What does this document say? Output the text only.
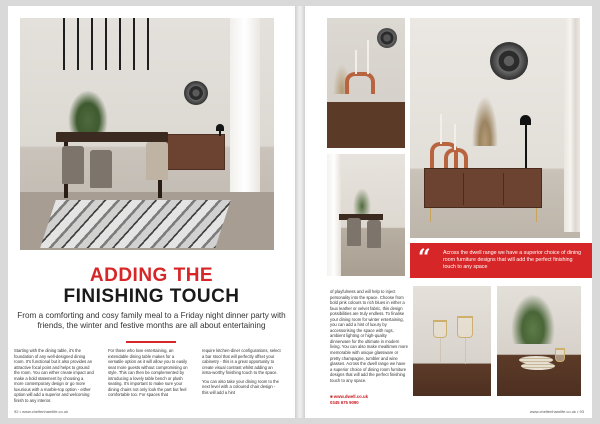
ADDING THE
FINISHING TOUCH
From a comforting and cosy family meal to a Friday night dinner party with friends, the winter and festive months are all about entertaining

Starting with the dining table, it's the foundation of any well-designed dining room. It's functional but it also provides an attractive focal point and helps to ground the room. You can either create impact and make a bold statement by choosing a more contemporary design or go more luxurious with a marble-top option - either option will add a superior and welcoming finish to any interior.

For those who love entertaining, an extendable dining table makes for a versatile option as it will allow you to easily seat more guests without compromising on style. This can then be complemented by introducing a lovely table bench or plush seating. It's important to make sure your dining chairs not only look the part but feel comfortable too. For spaces that

require kitchen-diner configurations, select a bar stool that will perfectly offset your cabinetry - this is a great opportunity to create visual contrast whilst adding an insta-worthy finishing touch to the space.

You can also take your dining room to the next level with a coloured chair design - this will add a hint

92 • www.cheltenhamlife.co.uk
“ Across the dwell range we have a superior choice of dining room furniture designs that will add the perfect finishing touch to any space
of playfulness and will help to inject personality into the space. Choose from bold pink colours to rich blues in either a faux leather or velvet fabric, this design possibilities are truly endless. To finalise your dining room for winter entertaining, you can add a hint of luxury by accessorising the space with rugs, ambient lighting or high-quality dinnerware for the ultimate in modern living. You can also make mealtimes more memorable with unique glassware or pretty champagne, tumbler and wine glasses. Across the dwell range we have a superior choice of dining room furniture designs that will add the perfect finishing touch to any space.
■ www.dwell.co.uk
0345 675 9090
www.cheltenhamlife.co.uk • 93
